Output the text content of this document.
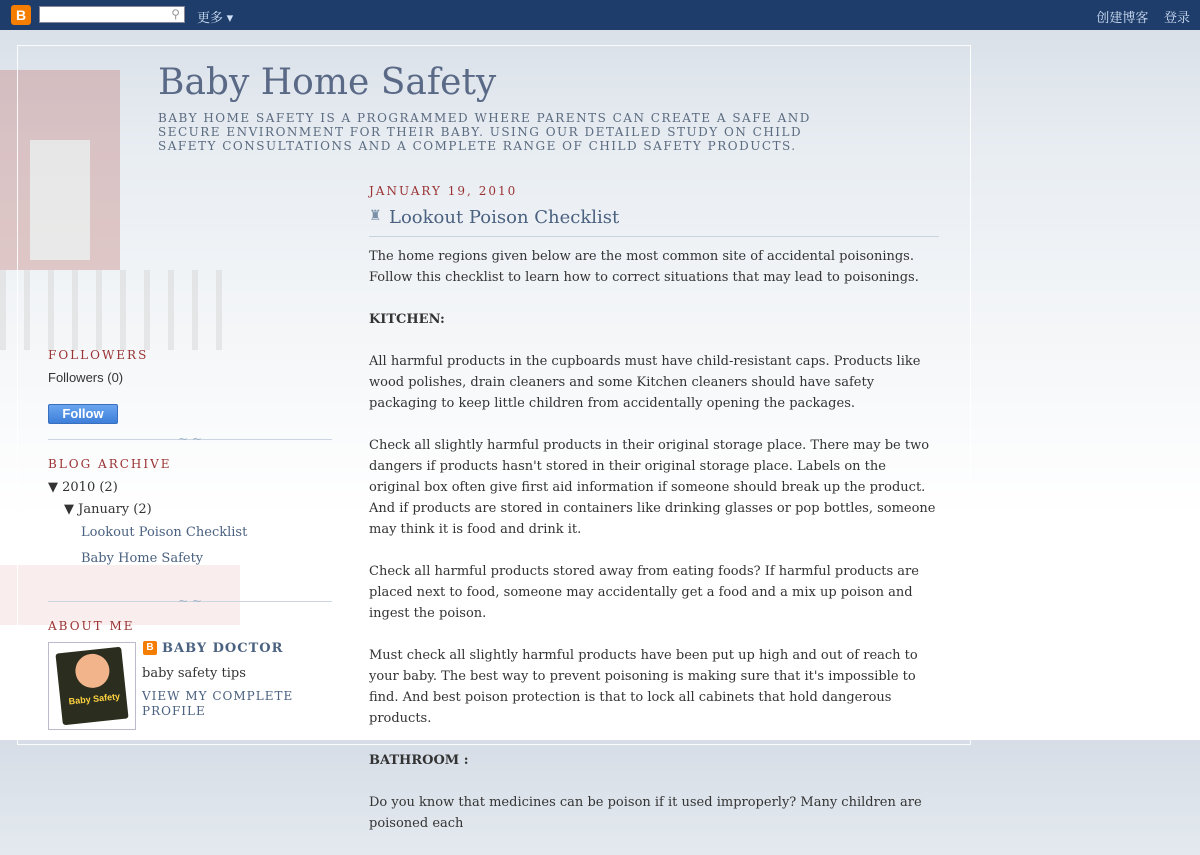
B	⚲ 更多 ▾	创建博客 登录
Baby Home Safety
BABY HOME SAFETY IS A PROGRAMMED WHERE PARENTS CAN CREATE A SAFE AND SECURE ENVIRONMENT FOR THEIR BABY. USING OUR DETAILED STUDY ON CHILD SAFETY CONSULTATIONS AND A COMPLETE RANGE OF CHILD SAFETY PRODUCTS.
FOLLOWERS
Followers (0)
Follow
~ ~
BLOG ARCHIVE
▼ 2010 (2)
▼ January (2)
Lookout Poison Checklist
Baby Home Safety
~ ~
ABOUT ME
Baby Safety
B BABY DOCTOR
baby safety tips
VIEW MY COMPLETE PROFILE
JANUARY 19, 2010
♜ Lookout Poison Checklist

The home regions given below are the most common site of accidental poisonings. Follow this checklist to learn how to correct situations that may lead to poisonings.

KITCHEN:

All harmful products in the cupboards must have child-resistant caps. Products like wood polishes, drain cleaners and some Kitchen cleaners should have safety packaging to keep little children from accidentally opening the packages.

Check all slightly harmful products in their original storage place. There may be two dangers if products hasn't stored in their original storage place. Labels on the original box often give first aid information if someone should break up the product. And if products are stored in containers like drinking glasses or pop bottles, someone may think it is food and drink it.

Check all harmful products stored away from eating foods? If harmful products are placed next to food, someone may accidentally get a food and a mix up poison and ingest the poison.

Must check all slightly harmful products have been put up high and out of reach to your baby. The best way to prevent poisoning is making sure that it's impossible to find. And best poison protection is that to lock all cabinets that hold dangerous products.

BATHROOM :

Do you know that medicines can be poison if it used improperly? Many children are poisoned each
